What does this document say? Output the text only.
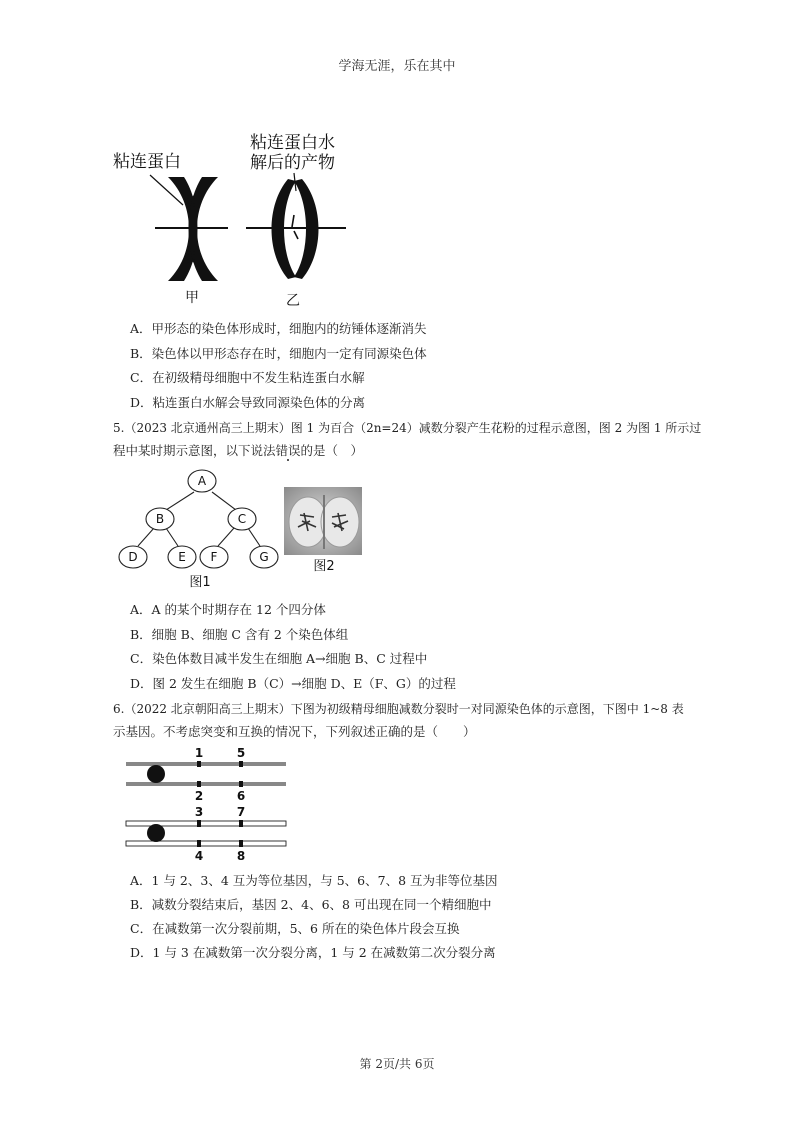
学海无涯，乐在其中
粘连蛋白
粘连蛋白水
解后的产物
甲	乙
A．甲形态的染色体形成时，细胞内的纺锤体逐渐消失
B．染色体以甲形态存在时，细胞内一定有同源染色体
C．在初级精母细胞中不发生粘连蛋白水解
D．粘连蛋白水解会导致同源染色体的分离
5.（2023 北京通州高三上期末）图 1 为百合（2n=24）减数分裂产生花粉的过程示意图，图 2 为图 1 所示过
程中某时期示意图，以下说法错误的是（　）
A
B	C
D	E F	G
图1
图2
A．A 的某个时期存在 12 个四分体
B．细胞 B、细胞 C 含有 2 个染色体组
C．染色体数目减半发生在细胞 A→细胞 B、C 过程中
D．图 2 发生在细胞 B（C）→细胞 D、E（F、G）的过程
6.（2022 北京朝阳高三上期末）下图为初级精母细胞减数分裂时一对同源染色体的示意图，下图中 1~8 表
示基因。不考虑突变和互换的情况下，下列叙述正确的是（　　）
1
2
3
4
5
6
7
8
A．1 与 2、3、4 互为等位基因，与 5、6、7、8 互为非等位基因
B．减数分裂结束后，基因 2、4、6、8 可出现在同一个精细胞中
C．在减数第一次分裂前期，5、6 所在的染色体片段会互换
D．1 与 3 在减数第一次分裂分离，1 与 2 在减数第二次分裂分离
第 2页/共 6页
